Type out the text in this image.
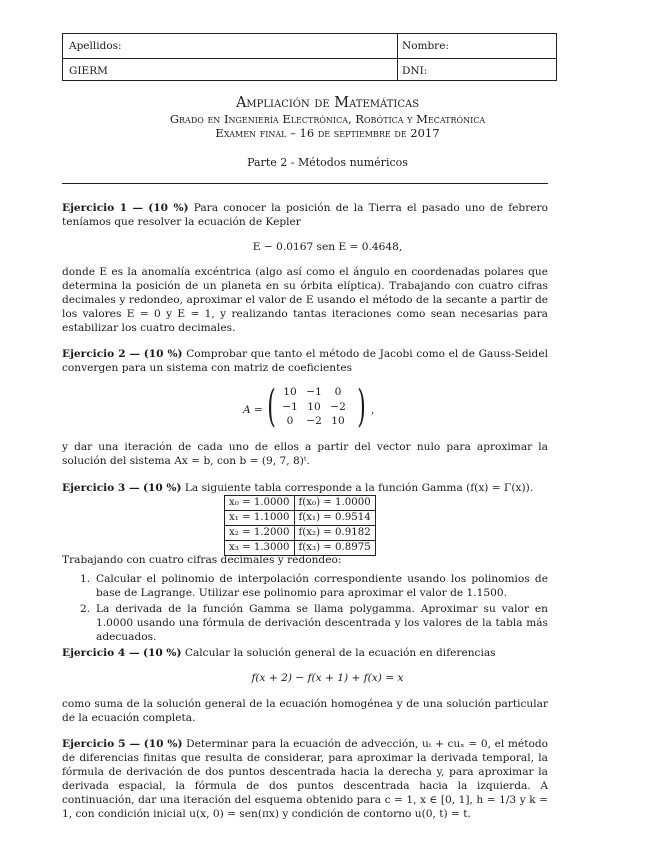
Apellidos:	Nombre:
GIERM	DNI:
Ampliación de Matemáticas
Grado en Ingeniería Electrónica, Robótica y Mecatrónica
Examen final – 16 de septiembre de 2017
Parte 2 - Métodos numéricos
Ejercicio 1 — (10 %) Para conocer la posición de la Tierra el pasado uno de febrero teníamos que resolver la ecuación de Kepler
E − 0.0167 sen E = 0.4648,
donde E es la anomalía excéntrica (algo así como el ángulo en coordenadas polares que determina la posición de un planeta en su órbita elíptica). Trabajando con cuatro cifras decimales y redondeo, aproximar el valor de E usando el método de la secante a partir de los valores E = 0 y E = 1, y realizando tantas iteraciones como sean necesarias para estabilizar los cuatro decimales.
Ejercicio 2 — (10 %) Comprobar que tanto el método de Jacobi como el de Gauss-Seidel convergen para un sistema con matriz de coeficientes
A = ( ) ,
10 −1	0
−1 10 −2
0	−2 10
y dar una iteración de cada uno de ellos a partir del vector nulo para aproximar la solución del sistema Ax = b, con b = (9, 7, 8)ᵗ.
Ejercicio 3 — (10 %) La siguiente tabla corresponde a la función Gamma (f(x) = Γ(x)).
x₀ = 1.0000	f(x₀) = 1.0000
x₁ = 1.1000	f(x₁) = 0.9514
x₂ = 1.2000	f(x₂) = 0.9182
x₃ = 1.3000	f(x₃) = 0.8975
Trabajando con cuatro cifras decimales y redondeo:
1. Calcular el polinomio de interpolación correspondiente usando los polinomios de base de Lagrange. Utilizar ese polinomio para aproximar el valor de 1.1500.
2. La derivada de la función Gamma se llama polygamma. Aproximar su valor en 1.0000 usando una fórmula de derivación descentrada y los valores de la tabla más adecuados.
Ejercicio 4 — (10 %) Calcular la solución general de la ecuación en diferencias
f(x + 2) − f(x + 1) + f(x) = x
como suma de la solución general de la ecuación homogénea y de una solución particular de la ecuación completa.
Ejercicio 5 — (10 %) Determinar para la ecuación de advección, uₜ + cuₓ = 0, el método de diferencias finitas que resulta de considerar, para aproximar la derivada temporal, la fórmula de derivación de dos puntos descentrada hacia la derecha y, para aproximar la derivada espacial, la fórmula de dos puntos descentrada hacia la izquierda. A continuación, dar una iteración del esquema obtenido para c = 1, x ∈ [0, 1], h = 1/3 y k = 1, con condición inicial u(x, 0) = sen(πx) y condición de contorno u(0, t) = t.
